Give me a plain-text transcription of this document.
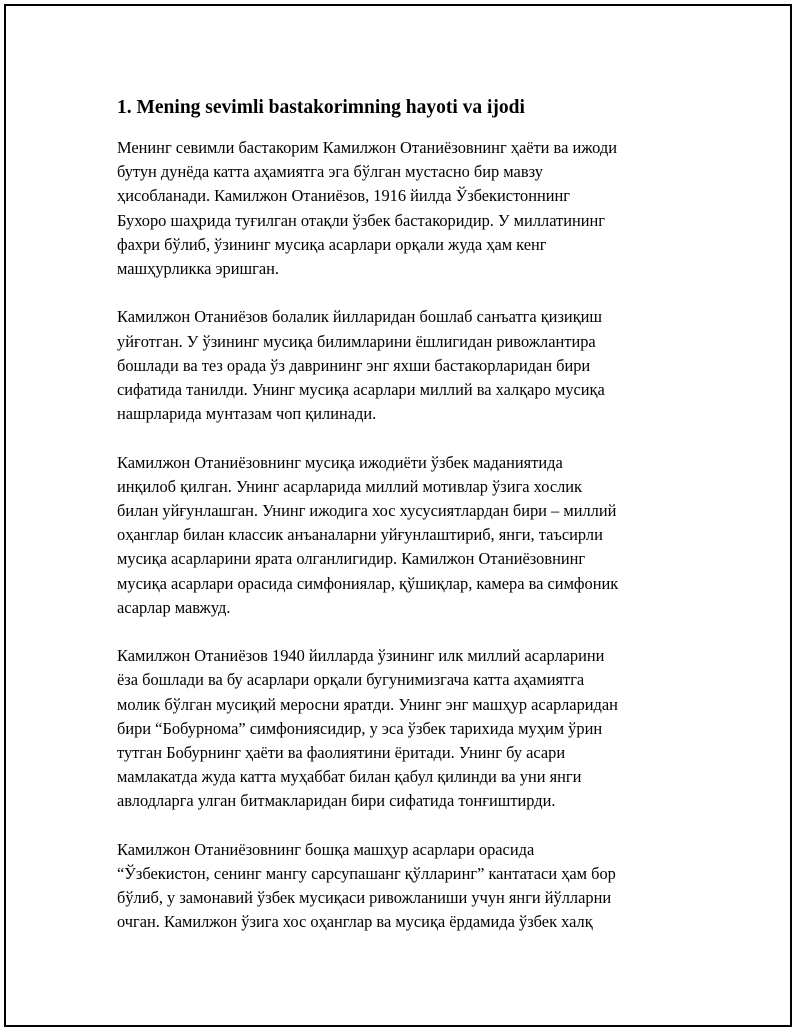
1. Mening sevimli bastakorimning hayoti va ijodi
Менинг севимли бастакорим Камилжон Отаниёзовнинг ҳаёти ва ижоди
бутун дунёда катта аҳамиятга эга бўлган мустасно бир мавзу
ҳисобланади. Камилжон Отаниёзов, 1916 йилда Ўзбекистоннинг
Бухоро шаҳрида туғилган отақли ўзбек бастакоридир. У миллатининг
фахри бўлиб, ўзининг мусиқа асарлари орқали жуда ҳам кенг
машҳурликка эришган.
Камилжон Отаниёзов болалик йилларидан бошлаб санъатга қизиқиш
уйғотган. У ўзининг мусиқа билимларини ёшлигидан ривожлантира
бошлади ва тез орада ўз даврининг энг яхши бастакорларидан бири
сифатида танилди. Унинг мусиқа асарлари миллий ва халқаро мусиқа
нашрларида мунтазам чоп қилинади.
Камилжон Отаниёзовнинг мусиқа ижодиёти ўзбек маданиятида
инқилоб қилган. Унинг асарларида миллий мотивлар ўзига хослик
билан уйғунлашган. Унинг ижодига хос хусусиятлардан бири – миллий
оҳанглар билан классик анъаналарни уйғунлаштириб, янги, таъсирли
мусиқа асарларини ярата олганлигидир. Камилжон Отаниёзовнинг
мусиқа асарлари орасида симфониялар, қўшиқлар, камера ва симфоник
асарлар мавжуд.
Камилжон Отаниёзов 1940 йилларда ўзининг илк миллий асарларини
ёза бошлади ва бу асарлари орқали бугунимизгача катта аҳамиятга
молик бўлган мусиқий меросни яратди. Унинг энг машҳур асарларидан
бири “Бобурнома” симфониясидир, у эса ўзбек тарихида муҳим ўрин
тутган Бобурнинг ҳаёти ва фаолиятини ёритади. Унинг бу асари
мамлакатда жуда катта муҳаббат билан қабул қилинди ва уни янги
авлодларга улган битмакларидан бири сифатида тонғиштирди.
Камилжон Отаниёзовнинг бошқа машҳур асарлари орасида
“Ўзбекистон, сенинг мангу сарсупашанг қўлларинг” кантатаси ҳам бор
бўлиб, у замонавий ўзбек мусиқаси ривожланиши учун янги йўлларни
очган. Камилжон ўзига хос оҳанглар ва мусиқа ёрдамида ўзбек халқ
